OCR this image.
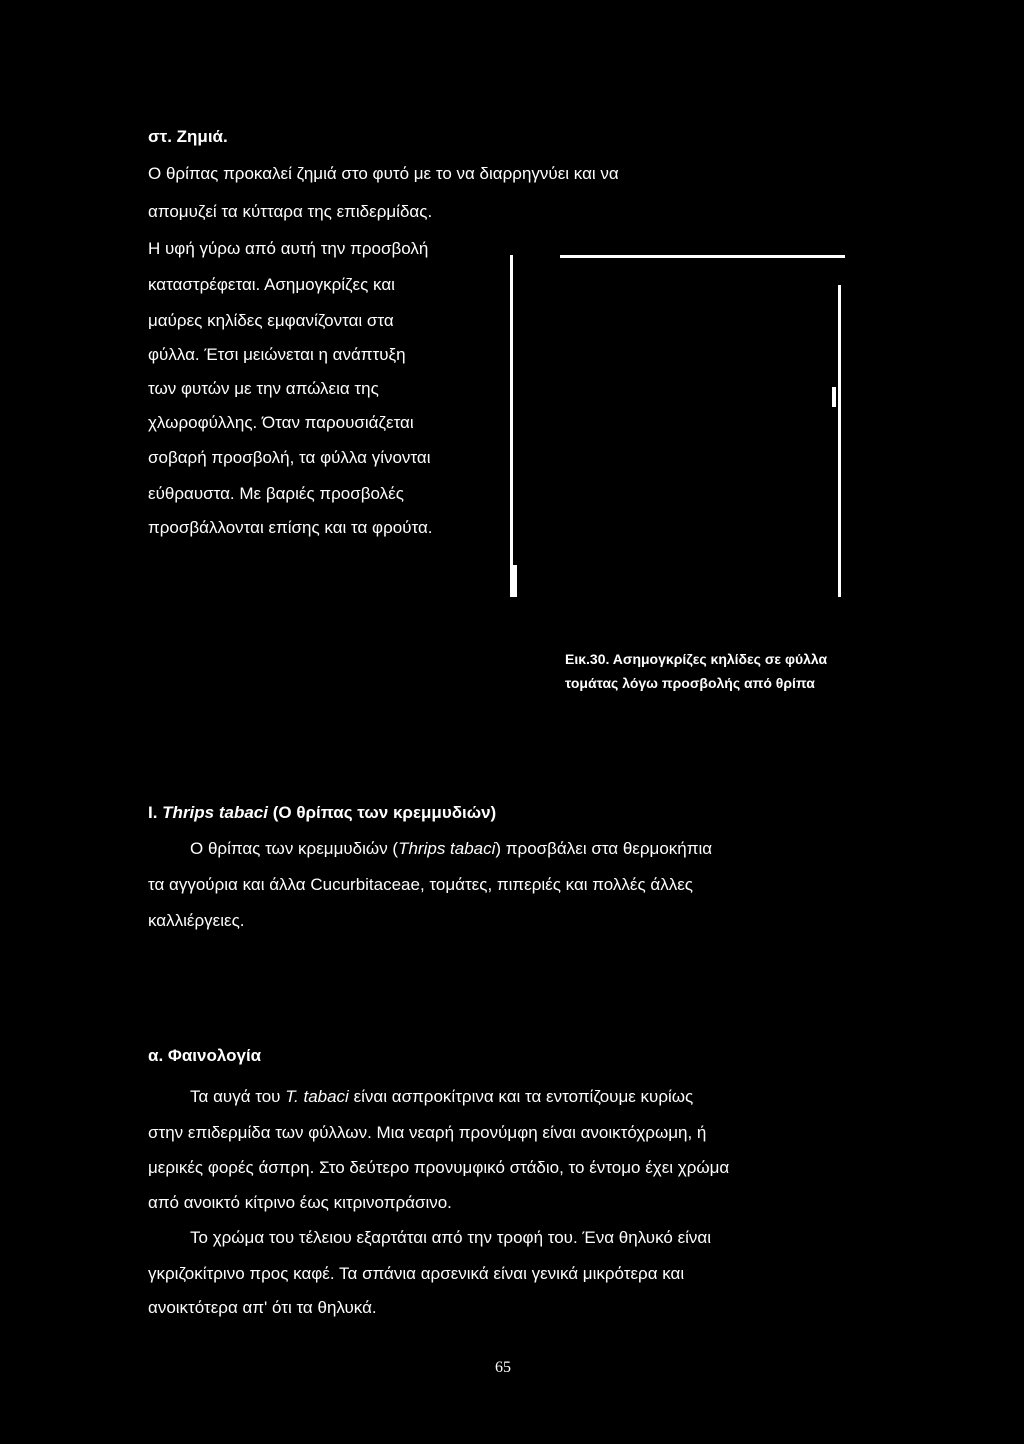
στ. Ζημιά.

Ο θρίπας προκαλεί ζημιά στο φυτό με το να διαρρηγνύει και να

απομυζεί τα κύτταρα της επιδερμίδας.

Η υφή γύρω από αυτή την προσβολή

καταστρέφεται. Ασημογκρίζες και

μαύρες κηλίδες εμφανίζονται στα

φύλλα. Έτσι μειώνεται η ανάπτυξη

των φυτών με την απώλεια της

χλωροφύλλης. Όταν παρουσιάζεται

σοβαρή προσβολή, τα φύλλα γίνονται

εύθραυστα. Με βαριές προσβολές

προσβάλλονται επίσης και τα φρούτα.

Εικ.30. Ασημογκρίζες κηλίδες σε φύλλα

τομάτας λόγω προσβολής από θρίπα

I. Thrips tabaci (Ο θρίπας των κρεμμυδιών)

Ο θρίπας των κρεμμυδιών (Thrips tabaci) προσβάλει στα θερμοκήπια

τα αγγούρια και άλλα Cucurbitaceae, τομάτες, πιπεριές και πολλές άλλες

καλλιέργειες.

α. Φαινολογία

Τα αυγά του T. tabaci είναι ασπροκίτρινα και τα εντοπίζουμε κυρίως

στην επιδερμίδα των φύλλων. Μια νεαρή προνύμφη είναι ανοικτόχρωμη, ή

μερικές φορές άσπρη. Στο δεύτερο προνυμφικό στάδιο, το έντομο έχει χρώμα

από ανοικτό κίτρινο έως κιτρινοπράσινο.

Το χρώμα του τέλειου εξαρτάται από την τροφή του. Ένα θηλυκό είναι

γκριζοκίτρινο προς καφέ. Τα σπάνια αρσενικά είναι γενικά μικρότερα και

ανοικτότερα απ' ότι τα θηλυκά.

65
